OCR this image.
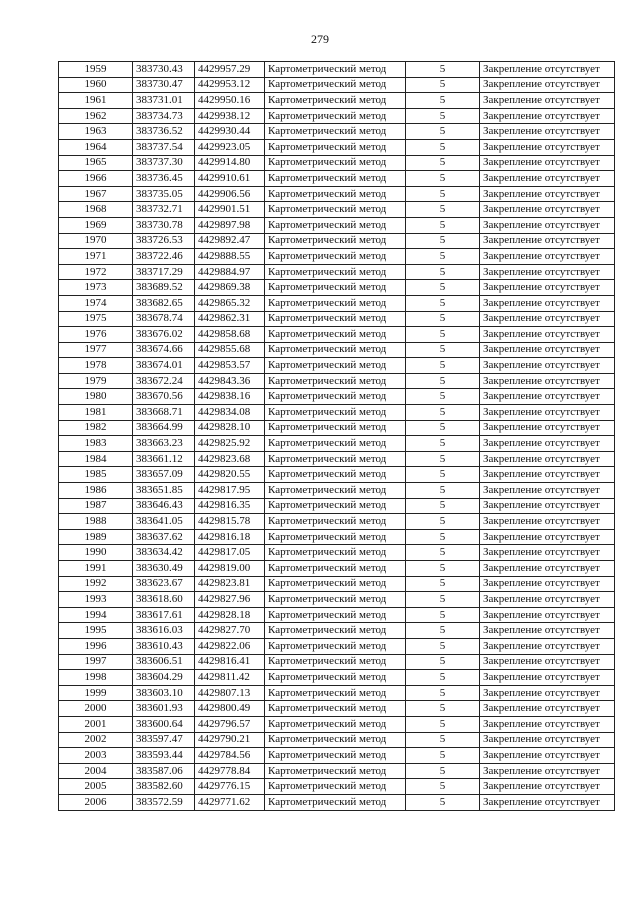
279
1959	383730.43	4429957.29	Картометрический метод	5	Закрепление отсутствует
1960	383730.47	4429953.12	Картометрический метод	5	Закрепление отсутствует
1961	383731.01	4429950.16	Картометрический метод	5	Закрепление отсутствует
1962	383734.73	4429938.12	Картометрический метод	5	Закрепление отсутствует
1963	383736.52	4429930.44	Картометрический метод	5	Закрепление отсутствует
1964	383737.54	4429923.05	Картометрический метод	5	Закрепление отсутствует
1965	383737.30	4429914.80	Картометрический метод	5	Закрепление отсутствует
1966	383736.45	4429910.61	Картометрический метод	5	Закрепление отсутствует
1967	383735.05	4429906.56	Картометрический метод	5	Закрепление отсутствует
1968	383732.71	4429901.51	Картометрический метод	5	Закрепление отсутствует
1969	383730.78	4429897.98	Картометрический метод	5	Закрепление отсутствует
1970	383726.53	4429892.47	Картометрический метод	5	Закрепление отсутствует
1971	383722.46	4429888.55	Картометрический метод	5	Закрепление отсутствует
1972	383717.29	4429884.97	Картометрический метод	5	Закрепление отсутствует
1973	383689.52	4429869.38	Картометрический метод	5	Закрепление отсутствует
1974	383682.65	4429865.32	Картометрический метод	5	Закрепление отсутствует
1975	383678.74	4429862.31	Картометрический метод	5	Закрепление отсутствует
1976	383676.02	4429858.68	Картометрический метод	5	Закрепление отсутствует
1977	383674.66	4429855.68	Картометрический метод	5	Закрепление отсутствует
1978	383674.01	4429853.57	Картометрический метод	5	Закрепление отсутствует
1979	383672.24	4429843.36	Картометрический метод	5	Закрепление отсутствует
1980	383670.56	4429838.16	Картометрический метод	5	Закрепление отсутствует
1981	383668.71	4429834.08	Картометрический метод	5	Закрепление отсутствует
1982	383664.99	4429828.10	Картометрический метод	5	Закрепление отсутствует
1983	383663.23	4429825.92	Картометрический метод	5	Закрепление отсутствует
1984	383661.12	4429823.68	Картометрический метод	5	Закрепление отсутствует
1985	383657.09	4429820.55	Картометрический метод	5	Закрепление отсутствует
1986	383651.85	4429817.95	Картометрический метод	5	Закрепление отсутствует
1987	383646.43	4429816.35	Картометрический метод	5	Закрепление отсутствует
1988	383641.05	4429815.78	Картометрический метод	5	Закрепление отсутствует
1989	383637.62	4429816.18	Картометрический метод	5	Закрепление отсутствует
1990	383634.42	4429817.05	Картометрический метод	5	Закрепление отсутствует
1991	383630.49	4429819.00	Картометрический метод	5	Закрепление отсутствует
1992	383623.67	4429823.81	Картометрический метод	5	Закрепление отсутствует
1993	383618.60	4429827.96	Картометрический метод	5	Закрепление отсутствует
1994	383617.61	4429828.18	Картометрический метод	5	Закрепление отсутствует
1995	383616.03	4429827.70	Картометрический метод	5	Закрепление отсутствует
1996	383610.43	4429822.06	Картометрический метод	5	Закрепление отсутствует
1997	383606.51	4429816.41	Картометрический метод	5	Закрепление отсутствует
1998	383604.29	4429811.42	Картометрический метод	5	Закрепление отсутствует
1999	383603.10	4429807.13	Картометрический метод	5	Закрепление отсутствует
2000	383601.93	4429800.49	Картометрический метод	5	Закрепление отсутствует
2001	383600.64	4429796.57	Картометрический метод	5	Закрепление отсутствует
2002	383597.47	4429790.21	Картометрический метод	5	Закрепление отсутствует
2003	383593.44	4429784.56	Картометрический метод	5	Закрепление отсутствует
2004	383587.06	4429778.84	Картометрический метод	5	Закрепление отсутствует
2005	383582.60	4429776.15	Картометрический метод	5	Закрепление отсутствует
2006	383572.59	4429771.62	Картометрический метод	5	Закрепление отсутствует
